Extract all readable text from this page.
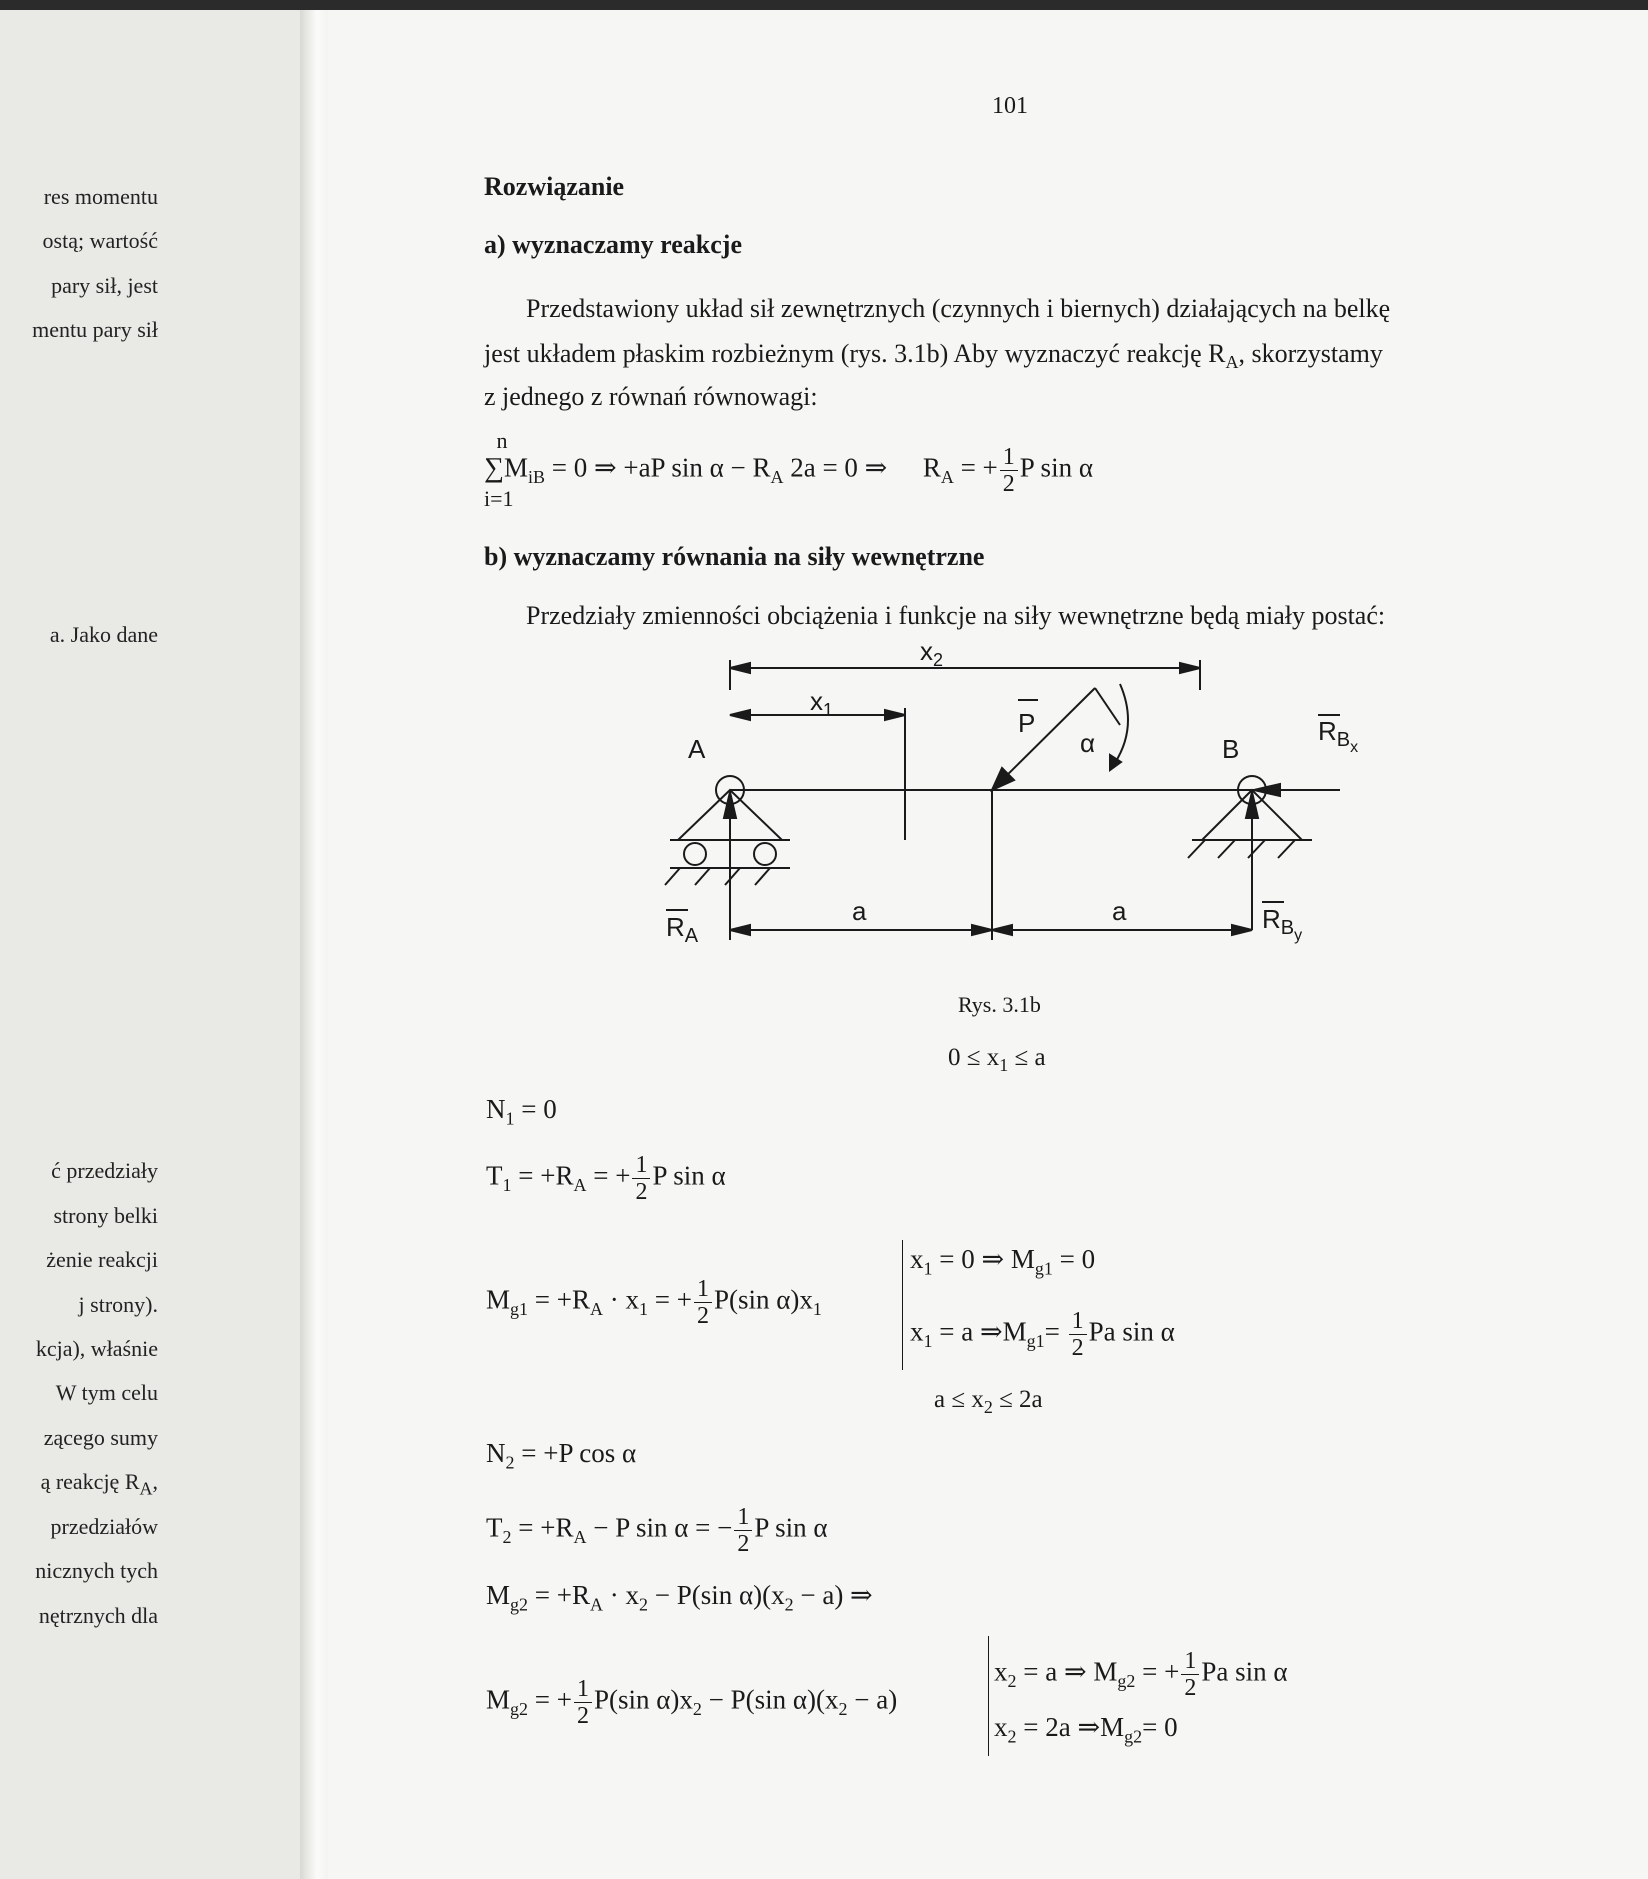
res momentu
ostą; wartość
pary sił, jest
mentu pary sił
a. Jako dane
ć przedziały
strony belki
żenie reakcji
j strony).
kcja), właśnie
W tym celu
zącego sumy
ą reakcję $R_A$,
przedziałów
nicznych tych
nętrznych dla
101
Rozwiązanie
a) wyznaczamy reakcje
Przedstawiony układ sił zewnętrznych (czynnych i biernych) działających na belkę
jest układem płaskim rozbieżnym (rys. 3.1b) Aby wyznaczyć reakcję $R_A$, skorzystamy
z jednego z równań równowagi:
n
$\sum M_{iB} = 0$ ⇒ +aP $\sin \alpha - R_A$ 2a = 0 ⇒ $R_A$ = + $\frac{1}{2}$ P sin α
i=1
b) wyznaczamy równania na siły wewnętrzne
Przedziały zmienności obciążenia i funkcje na siły wewnętrzne będą miały postać:
$x_2$
$x_1$	P
α
A	B
$R_{Bx}$
$R_A$
$R_{By}$
a	a
Rys. 3.1b
$0 \le x_1 \le a$
$N_1 = 0$
$T_1 = +R_A$ = + $\frac{1}{2}$ P sin α
$M_{g1} = +R_A \cdot x_1$ = + $\frac{1}{2} P(\sin$ $\alpha)x_1$
$x_1 = 0$ ⇒ $M_{g1} = 0$
$x_1 = a$ $\Rightarrow M_{g1}= \frac{1}{2}$ Pa sin α
$a \le x_2 \le 2a$
$N_2 = +P$ cos α
$T_2 = +R_A - P$ sin α = − $\frac{1}{2}$ P sin α
$M_{g2} = +R_A \cdot x_2 - P(\sin$ $\alpha)(x_2 - a)$ ⇒
$M_{g2}$ = + $\frac{1}{2} P(\sin$ $\alpha)x_2 - P(\sin$ $\alpha)(x_2 - a)$
$x_2 = a$ ⇒ $M_{g2}$ = + $\frac{1}{2}$ Pa sin α
$x_2 = 2a$ $\Rightarrow M_{g2}= 0$
